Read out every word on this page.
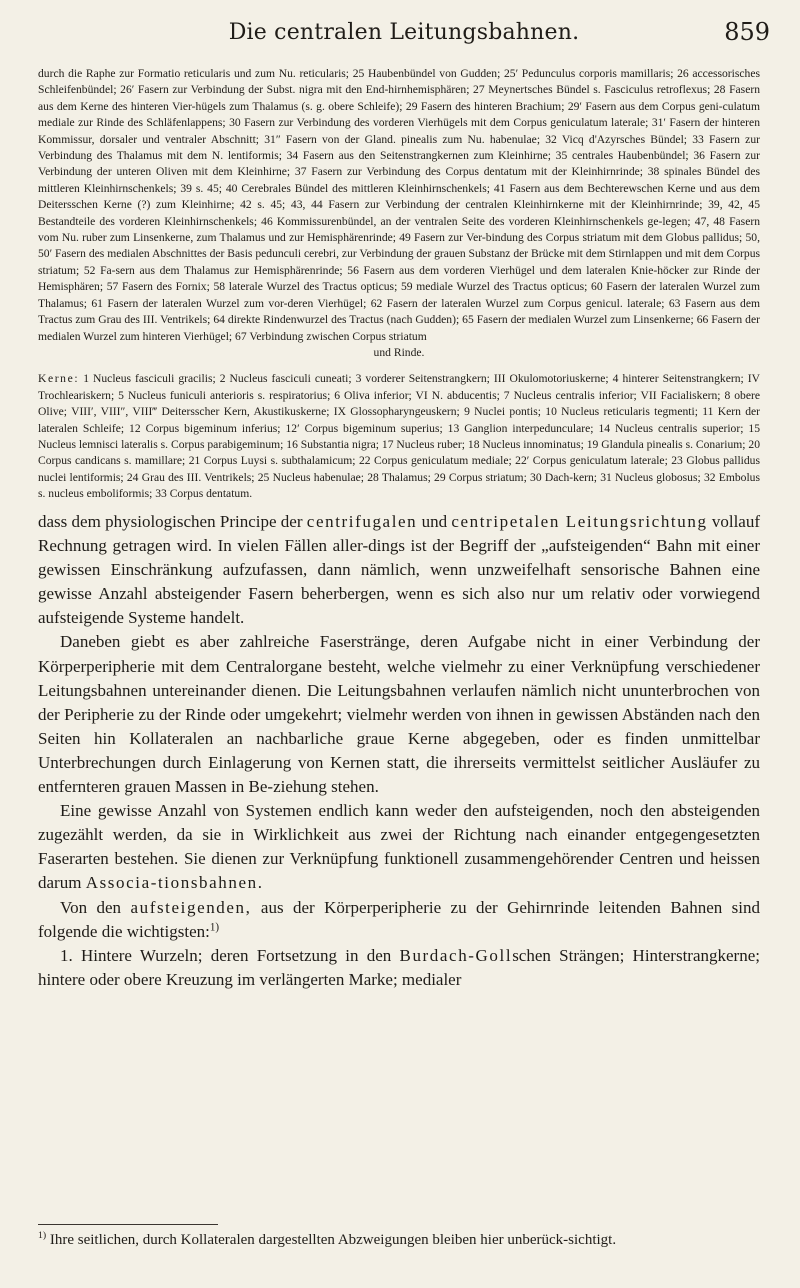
Die centralen Leitungsbahnen.	859

durch die Raphe zur Formatio reticularis und zum Nu. reticularis; 25 Haubenbündel von Gudden; 25′ Pedunculus corporis mamillaris; 26 accessorisches Schleifenbündel; 26′ Fasern zur Verbindung der Subst. nigra mit den End-hirnhemisphären; 27 Meynertsches Bündel s. Fasciculus retroflexus; 28 Fasern aus dem Kerne des hinteren Vier-hügels zum Thalamus (s. g. obere Schleife); 29 Fasern des hinteren Brachium; 29′ Fasern aus dem Corpus geni-culatum mediale zur Rinde des Schläfenlappens; 30 Fasern zur Verbindung des vorderen Vierhügels mit dem Corpus geniculatum laterale; 31′ Fasern der hinteren Kommissur, dorsaler und ventraler Abschnitt; 31″ Fasern von der Gland. pinealis zum Nu. habenulae; 32 Vicq d'Azyrsches Bündel; 33 Fasern zur Verbindung des Thalamus mit dem N. lentiformis; 34 Fasern aus den Seitenstrangkernen zum Kleinhirne; 35 centrales Haubenbündel; 36 Fasern zur Verbindung der unteren Oliven mit dem Kleinhirne; 37 Fasern zur Verbindung des Corpus dentatum mit der Kleinhirnrinde; 38 spinales Bündel des mittleren Kleinhirnschenkels; 39 s. 45; 40 Cerebrales Bündel des mittleren Kleinhirnschenkels; 41 Fasern aus dem Bechterewschen Kerne und aus dem Deitersschen Kerne (?) zum Kleinhirne; 42 s. 45; 43, 44 Fasern zur Verbindung der centralen Kleinhirnkerne mit der Kleinhirnrinde; 39, 42, 45 Bestandteile des vorderen Kleinhirnschenkels; 46 Kommissurenbündel, an der ventralen Seite des vorderen Kleinhirnschenkels ge-legen; 47, 48 Fasern vom Nu. ruber zum Linsenkerne, zum Thalamus und zur Hemisphärenrinde; 49 Fasern zur Ver-bindung des Corpus striatum mit dem Globus pallidus; 50, 50′ Fasern des medialen Abschnittes der Basis pedunculi cerebri, zur Verbindung der grauen Substanz der Brücke mit dem Stirnlappen und mit dem Corpus striatum; 52 Fa-sern aus dem Thalamus zur Hemisphärenrinde; 56 Fasern aus dem vorderen Vierhügel und dem lateralen Knie-höcker zur Rinde der Hemisphären; 57 Fasern des Fornix; 58 laterale Wurzel des Tractus opticus; 59 mediale Wurzel des Tractus opticus; 60 Fasern der lateralen Wurzel zum Thalamus; 61 Fasern der lateralen Wurzel zum vor-deren Vierhügel; 62 Fasern der lateralen Wurzel zum Corpus genicul. laterale; 63 Fasern aus dem Tractus zum Grau des III. Ventrikels; 64 direkte Rindenwurzel des Tractus (nach Gudden); 65 Fasern der medialen Wurzel zum Linsenkerne; 66 Fasern der medialen Wurzel zum hinteren Vierhügel; 67 Verbindung zwischen Corpus striatum

und Rinde.

Kerne: 1 Nucleus fasciculi gracilis; 2 Nucleus fasciculi cuneati; 3 vorderer Seitenstrangkern; III Okulomotoriuskerne; 4 hinterer Seitenstrangkern; IV Trochleariskern; 5 Nucleus funiculi anterioris s. respiratorius; 6 Oliva inferior; VI N. abducentis; 7 Nucleus centralis inferior; VII Facialiskern; 8 obere Olive; VIII′, VIII″, VIII‴ Deitersscher Kern, Akustikuskerne; IX Glossopharyngeuskern; 9 Nuclei pontis; 10 Nucleus reticularis tegmenti; 11 Kern der lateralen Schleife; 12 Corpus bigeminum inferius; 12′ Corpus bigeminum superius; 13 Ganglion interpedunculare; 14 Nucleus centralis superior; 15 Nucleus lemnisci lateralis s. Corpus parabigeminum; 16 Substantia nigra; 17 Nucleus ruber; 18 Nucleus innominatus; 19 Glandula pinealis s. Conarium; 20 Corpus candicans s. mamillare; 21 Corpus Luysi s. subthalamicum; 22 Corpus geniculatum mediale; 22′ Corpus geniculatum laterale; 23 Globus pallidus nuclei lentiformis; 24 Grau des III. Ventrikels; 25 Nucleus habenulae; 28 Thalamus; 29 Corpus striatum; 30 Dach-kern; 31 Nucleus globosus; 32 Embolus s. nucleus emboliformis; 33 Corpus dentatum.

dass dem physiologischen Principe der centrifugalen und centripetalen Leitungsrichtung vollauf Rechnung getragen wird. In vielen Fällen aller-dings ist der Begriff der „aufsteigenden“ Bahn mit einer gewissen Einschränkung aufzufassen, dann nämlich, wenn unzweifelhaft sensorische Bahnen eine gewisse Anzahl absteigender Fasern beherbergen, wenn es sich also nur um relativ oder vorwiegend aufsteigende Systeme handelt.

Daneben giebt es aber zahlreiche Faserstränge, deren Aufgabe nicht in einer Verbindung der Körperperipherie mit dem Centralorgane besteht, welche vielmehr zu einer Verknüpfung verschiedener Leitungsbahnen untereinander dienen. Die Leitungsbahnen verlaufen nämlich nicht ununterbrochen von der Peripherie zu der Rinde oder umgekehrt; vielmehr werden von ihnen in gewissen Abständen nach den Seiten hin Kollateralen an nachbarliche graue Kerne abgegeben, oder es finden unmittelbar Unterbrechungen durch Einlagerung von Kernen statt, die ihrerseits vermittelst seitlicher Ausläufer zu entfernteren grauen Massen in Be-ziehung stehen.

Eine gewisse Anzahl von Systemen endlich kann weder den aufsteigenden, noch den absteigenden zugezählt werden, da sie in Wirklichkeit aus zwei der Richtung nach einander entgegengesetzten Faserarten bestehen. Sie dienen zur Verknüpfung funktionell zusammengehörender Centren und heissen darum Associa-tionsbahnen.

Von den aufsteigenden, aus der Körperperipherie zu der Gehirnrinde leitenden Bahnen sind folgende die wichtigsten:$^{1)}$

1. Hintere Wurzeln; deren Fortsetzung in den Burdach-Gollschen Strängen; Hinterstrangkerne; hintere oder obere Kreuzung im verlängerten Marke; medialer

$^{1)}$ Ihre seitlichen, durch Kollateralen dargestellten Abzweigungen bleiben hier unberück-sichtigt.
